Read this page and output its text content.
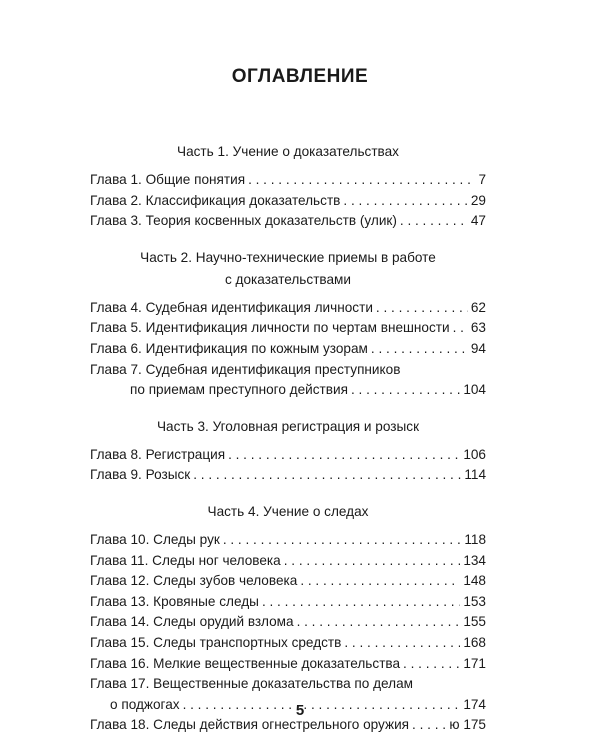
ОГЛАВЛЕНИЕ
Часть 1. Учение о доказательствах
Глава 1. Общие понятия . . .	7
Глава 2. Классификация доказательств . . .	29
Глава 3. Теория косвенных доказательств (улик) . . .	47
Часть 2. Научно-технические приемы в работе
с доказательствами
Глава 4. Судебная идентификация личности . . .	62
Глава 5. Идентификация личности по чертам внешности . . . 63
Глава 6. Идентификация по кожным узорам . . .	94
Глава 7. Судебная идентификация преступников
по приемам преступного действия . . .	104
Часть 3. Уголовная регистрация и розыск
Глава 8. Регистрация . . .	106
Глава 9. Розыск . . .	114
Часть 4. Учение о следах
Глава 10. Следы рук . . .	118
Глава 11. Следы ног человека . . .	134
Глава 12. Следы зубов человека . . .	148
Глава 13. Кровяные следы . . .	153
Глава 14. Следы орудий взлома . . .	155
Глава 15. Следы транспортных средств . . .	168
Глава 16. Мелкие вещественные доказательства . . .	171
Глава 17. Вещественные доказательства по делам
о поджогах . . .	174
Глава 18. Следы действия огнестрельного оружия . . .	ю 175
5
